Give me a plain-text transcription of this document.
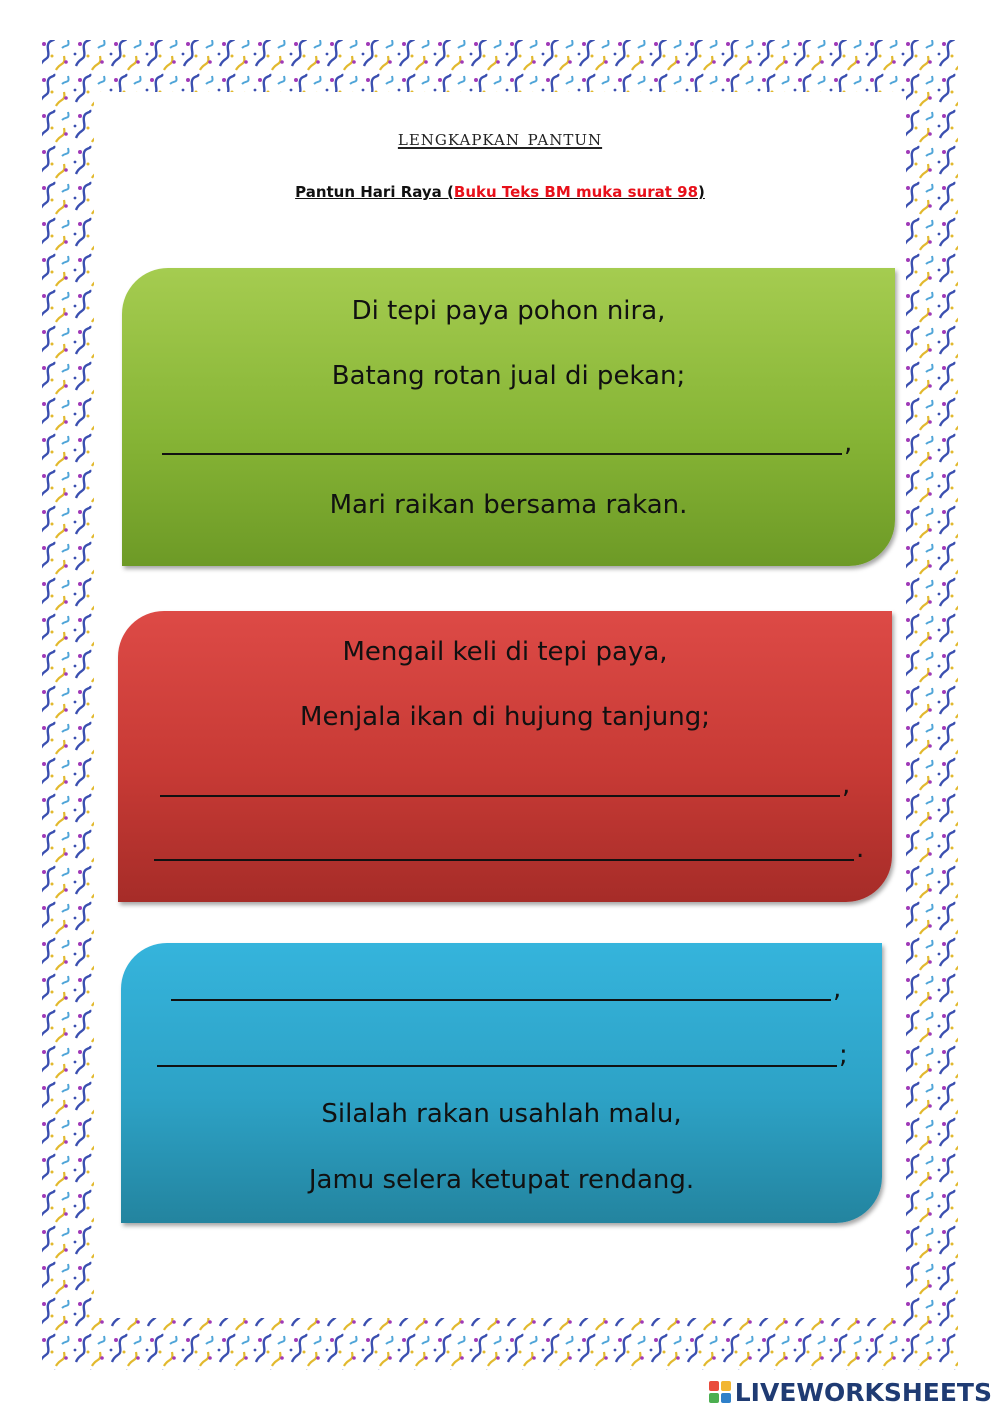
lengkapkan pantun
Pantun Hari Raya (Buku Teks BM muka surat 98)
Di tepi paya pohon nira,
Batang rotan jual di pekan;
,
Mari raikan bersama rakan.
Mengail keli di tepi paya,
Menjala ikan di hujung tanjung;
,
.
,
;
Silalah rakan usahlah malu,
Jamu selera ketupat rendang.
LIVEWORKSHEETS
